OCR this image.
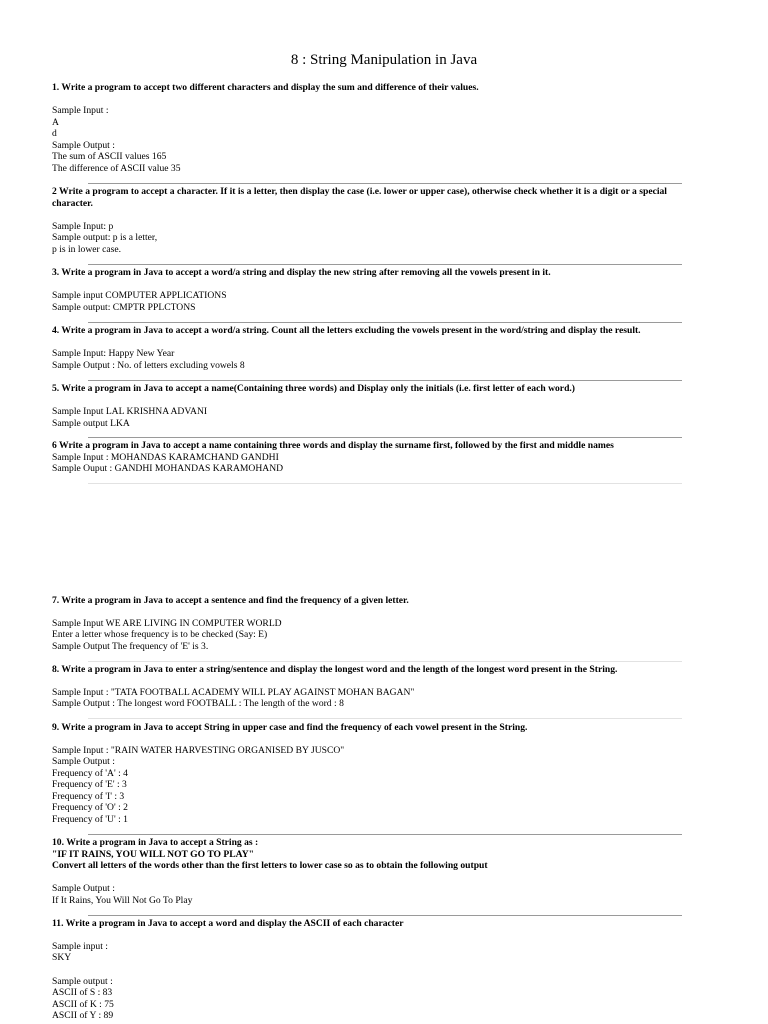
8 : String Manipulation in Java
1. Write a program to accept two different characters and display the sum and difference of their values.
Sample Input :
A
d
Sample Output :
The sum of ASCII values 165
The difference of ASCII value 35
2 Write a program to accept a character. If it is a letter, then display the case (i.e. lower or upper case), otherwise check whether it is a digit or a special character.
Sample Input: p
Sample output: p is a letter,
p is in lower case.
3. Write a program in Java to accept a word/a string and display the new string after removing all the vowels present in it.
Sample input COMPUTER APPLICATIONS
Sample output: CMPTR PPLCTONS
4. Write a program in Java to accept a word/a string. Count all the letters excluding the vowels present in the word/string and display the result.
Sample Input: Happy New Year
Sample Output : No. of letters excluding vowels 8
5. Write a program in Java to accept a name(Containing three words) and Display only the initials (i.e. first letter of each word.)
Sample Input LAL KRISHNA ADVANI
Sample output LKA
6 Write a program in Java to accept a name containing three words and display the surname first, followed by the first and middle names
Sample Input : MOHANDAS KARAMCHAND GANDHI
Sample Ouput : GANDHI MOHANDAS KARAMOHAND
7. Write a program in Java to accept a sentence and find the frequency of a given letter.
Sample Input WE ARE LIVING IN COMPUTER WORLD
Enter a letter whose frequency is to be checked (Say: E)
Sample Output The frequency of 'E' is 3.
8. Write a program in Java to enter a string/sentence and display the longest word and the length of the longest word present in the String.
Sample Input : "TATA FOOTBALL ACADEMY WILL PLAY AGAINST MOHAN BAGAN"
Sample Output : The longest word FOOTBALL : The length of the word : 8
9. Write a program in Java to accept String in upper case and find the frequency of each vowel present in the String.
Sample Input : "RAIN WATER HARVESTING ORGANISED BY JUSCO"
Sample Output :
Frequency of 'A' : 4
Frequency of 'E' : 3
Frequency of 'I' : 3
Frequency of 'O' : 2
Frequency of 'U' : 1
10. Write a program in Java to accept a String as :
"IF IT RAINS, YOU WILL NOT GO TO PLAY"
Convert all letters of the words other than the first letters to lower case so as to obtain the following output
Sample Output :
If It Rains, You Will Not Go To Play
11. Write a program in Java to accept a word and display the ASCII of each character
Sample input :
SKY
Sample output :
ASCII of S : 83
ASCII of K : 75
ASCII of Y : 89
